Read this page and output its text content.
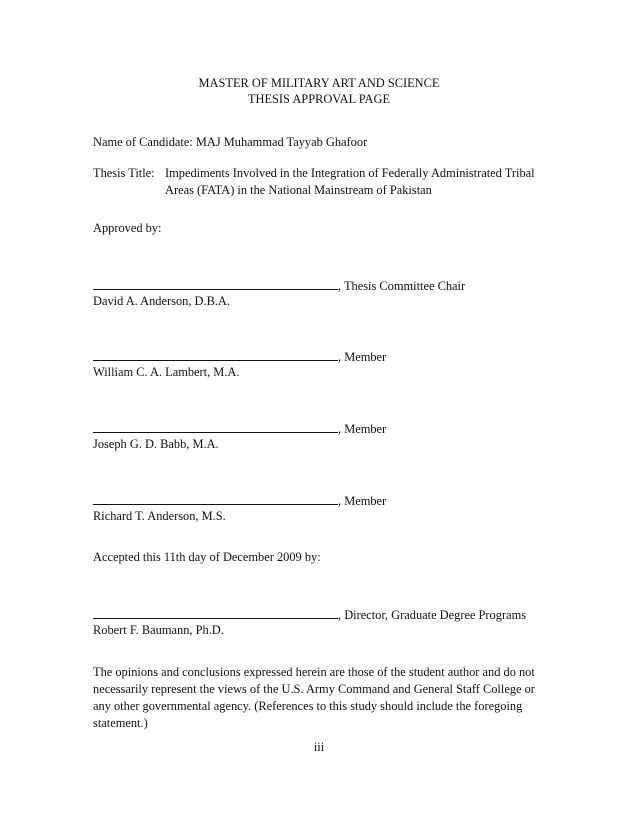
MASTER OF MILITARY ART AND SCIENCE
THESIS APPROVAL PAGE
Name of Candidate: MAJ Muhammad Tayyab Ghafoor
Thesis Title: Impediments Involved in the Integration of Federally Administrated Tribal
Areas (FATA) in the National Mainstream of Pakistan
Approved by:
, Thesis Committee Chair
David A. Anderson, D.B.A.
, Member
William C. A. Lambert, M.A.
, Member
Joseph G. D. Babb, M.A.
, Member
Richard T. Anderson, M.S.
Accepted this 11th day of December 2009 by:
, Director, Graduate Degree Programs
Robert F. Baumann, Ph.D.
The opinions and conclusions expressed herein are those of the student author and do not necessarily represent the views of the U.S. Army Command and General Staff College or any other governmental agency. (References to this study should include the foregoing statement.)
iii
